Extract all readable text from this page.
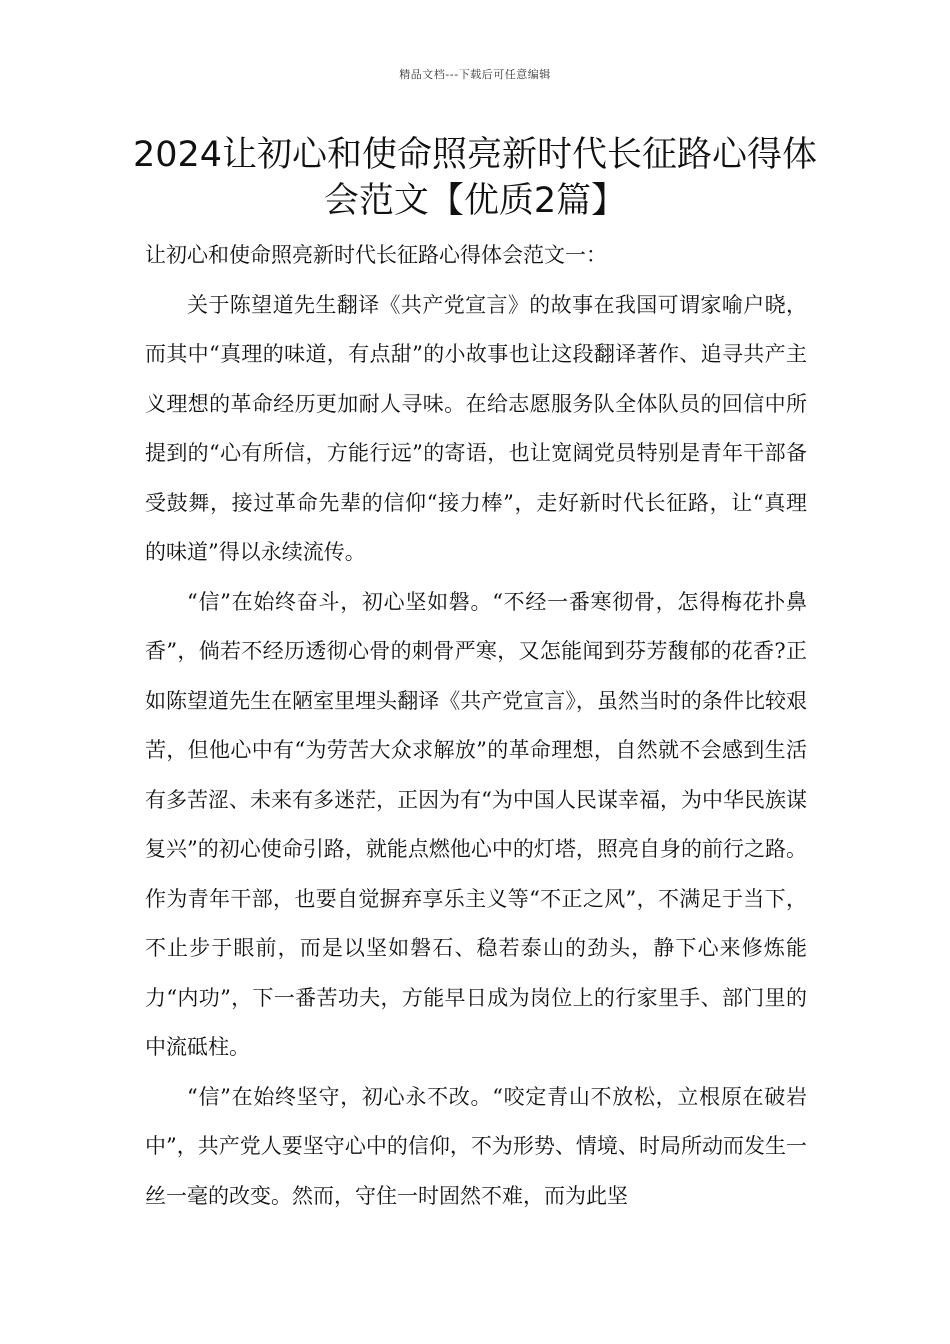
精品文档---下载后可任意编辑
2024让初心和使命照亮新时代长征路心得体会范文【优质2篇】

让初心和使命照亮新时代长征路心得体会范文一：

关于陈望道先生翻译《共产党宣言》的故事在我国可谓家喻户晓，而其中“真理的味道，有点甜”的小故事也让这段翻译著作、追寻共产主义理想的革命经历更加耐人寻味。在给志愿服务队全体队员的回信中所提到的“心有所信，方能行远”的寄语，也让宽阔党员特别是青年干部备受鼓舞，接过革命先辈的信仰“接力棒”，走好新时代长征路，让“真理的味道”得以永续流传。

“信”在始终奋斗，初心坚如磐。“不经一番寒彻骨，怎得梅花扑鼻香”，倘若不经历透彻心骨的刺骨严寒，又怎能闻到芬芳馥郁的花香?正如陈望道先生在陋室里埋头翻译《共产党宣言》，虽然当时的条件比较艰苦，但他心中有“为劳苦大众求解放”的革命理想，自然就不会感到生活有多苦涩、未来有多迷茫，正因为有“为中国人民谋幸福，为中华民族谋复兴”的初心使命引路，就能点燃他心中的灯塔，照亮自身的前行之路。作为青年干部，也要自觉摒弃享乐主义等“不正之风”，不满足于当下，不止步于眼前，而是以坚如磐石、稳若泰山的劲头，静下心来修炼能力“内功”，下一番苦功夫，方能早日成为岗位上的行家里手、部门里的中流砥柱。

“信”在始终坚守，初心永不改。“咬定青山不放松，立根原在破岩中”，共产党人要坚守心中的信仰，不为形势、情境、时局所动而发生一丝一毫的改变。然而，守住一时固然不难，而为此坚
